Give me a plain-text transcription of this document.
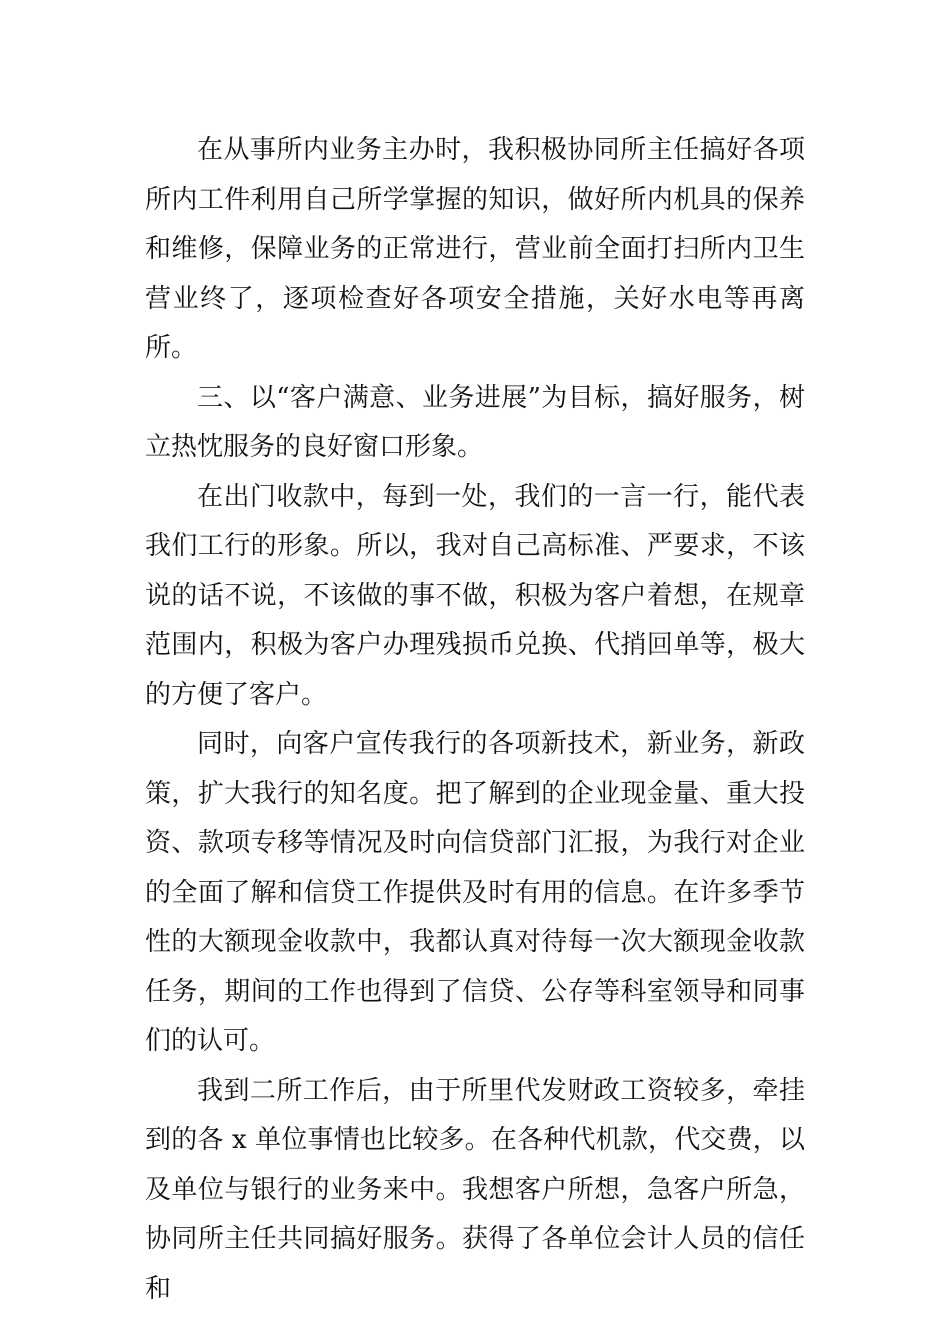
在从事所内业务主办时，我积极协同所主任搞好各项所内工件利用自己所学掌握的知识，做好所内机具的保养和维修，保障业务的正常进行，营业前全面打扫所内卫生营业终了，逐项检查好各项安全措施，关好水电等再离所。

三、以“客户满意、业务进展”为目标，搞好服务，树立热忱服务的良好窗口形象。

在出门收款中，每到一处，我们的一言一行，能代表我们工行的形象。所以，我对自己高标准、严要求，不该说的话不说，不该做的事不做，积极为客户着想，在规章范围内，积极为客户办理残损币兑换、代捎回单等，极大的方便了客户。

同时，向客户宣传我行的各项新技术，新业务，新政策，扩大我行的知名度。把了解到的企业现金量、重大投资、款项专移等情况及时向信贷部门汇报，为我行对企业的全面了解和信贷工作提供及时有用的信息。在许多季节性的大额现金收款中，我都认真对待每一次大额现金收款任务，期间的工作也得到了信贷、公存等科室领导和同事们的认可。

我到二所工作后，由于所里代发财政工资较多，牵挂到的各 x 单位事情也比较多。在各种代机款，代交费，以及单位与银行的业务来中。我想客户所想，急客户所急，协同所主任共同搞好服务。获得了各单位会计人员的信任和
